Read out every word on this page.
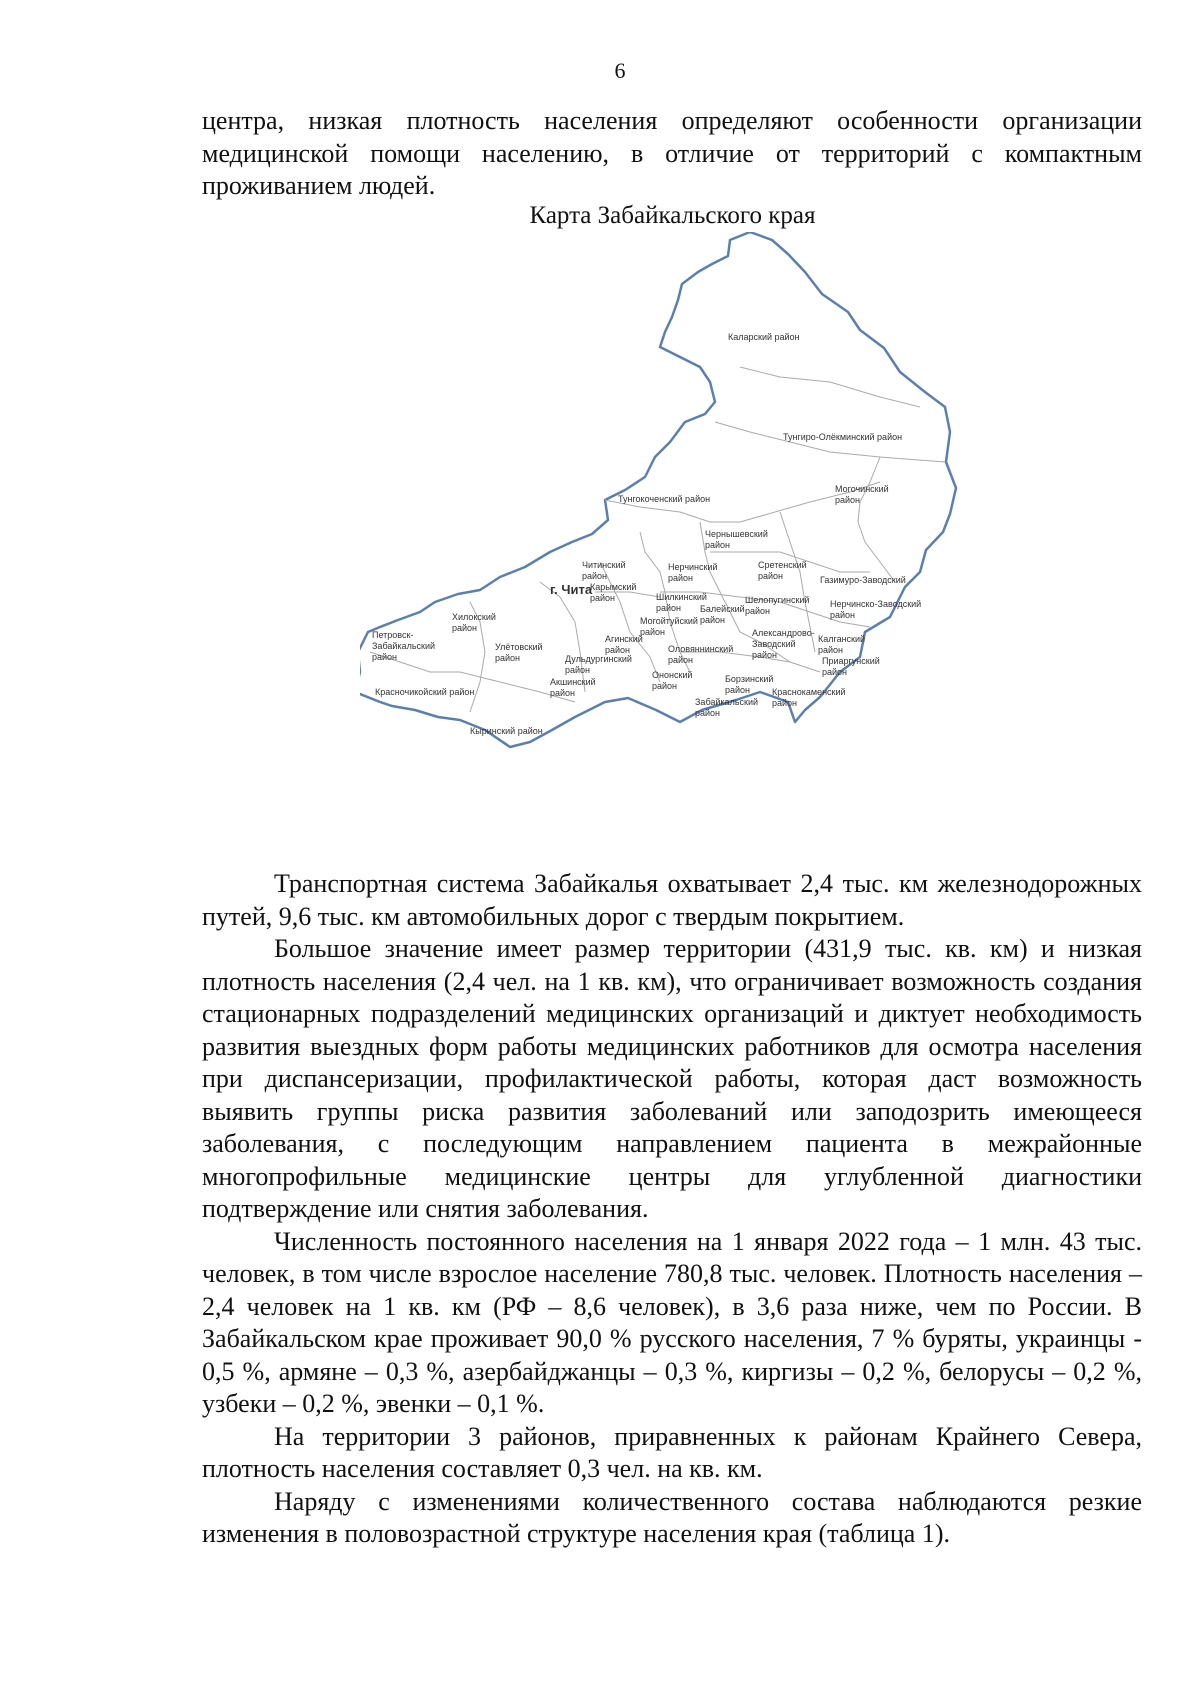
6

центра, низкая плотность населения определяют особенности организации медицинской помощи населению, в отличие от территорий с компактным проживанием людей.

Карта Забайкальского края
Каларский район
Тунгиро-Олёкминский район
Тунгокоченский район
Могочинский район
Чернышевский район
Нерчинский район
Сретенский район	Газимуро-Заводский
Читинский район
г. Чита
Карымский район	Шилкинский район
Шелопугинский район
Нерчинско-Заводский район
Хилокский район
Петровск-Забайкальский район
Улётовский район
Могойтуйский район
Балейский район
Агинский район
Дульдургинский район
Оловяннинский район
Александрово-Заводский район
Калганский район
Приаргунский район
Борзинский район	Краснокаменский район
Красночикойский район
Акшинский район
Ононский район
Забайкальский район
Кыринский район

Транспортная система Забайкалья охватывает 2,4 тыс. км железнодорожных путей, 9,6 тыс. км автомобильных дорог с твердым покрытием.

Большое значение имеет размер территории (431,9 тыс. кв. км) и низкая плотность населения (2,4 чел. на 1 кв. км), что ограничивает возможность создания стационарных подразделений медицинских организаций и диктует необходимость развития выездных форм работы медицинских работников для осмотра населения при диспансеризации, профилактической работы, которая даст возможность выявить группы риска развития заболеваний или заподозрить имеющееся заболевания, с последующим направлением пациента в межрайонные многопрофильные медицинские центры для углубленной диагностики подтверждение или снятия заболевания.

Численность постоянного населения на 1 января 2022 года – 1 млн. 43 тыс. человек, в том числе взрослое население 780,8 тыс. человек. Плотность населения – 2,4 человек на 1 кв. км (РФ – 8,6 человек), в 3,6 раза ниже, чем по России. В Забайкальском крае проживает 90,0 % русского населения, 7 % буряты, украинцы - 0,5 %, армяне – 0,3 %, азербайджанцы – 0,3 %, киргизы – 0,2 %, белорусы – 0,2 %, узбеки – 0,2 %, эвенки – 0,1 %.

На территории 3 районов, приравненных к районам Крайнего Севера, плотность населения составляет 0,3 чел. на кв. км.

Наряду с изменениями количественного состава наблюдаются резкие изменения в половозрастной структуре населения края (таблица 1).
